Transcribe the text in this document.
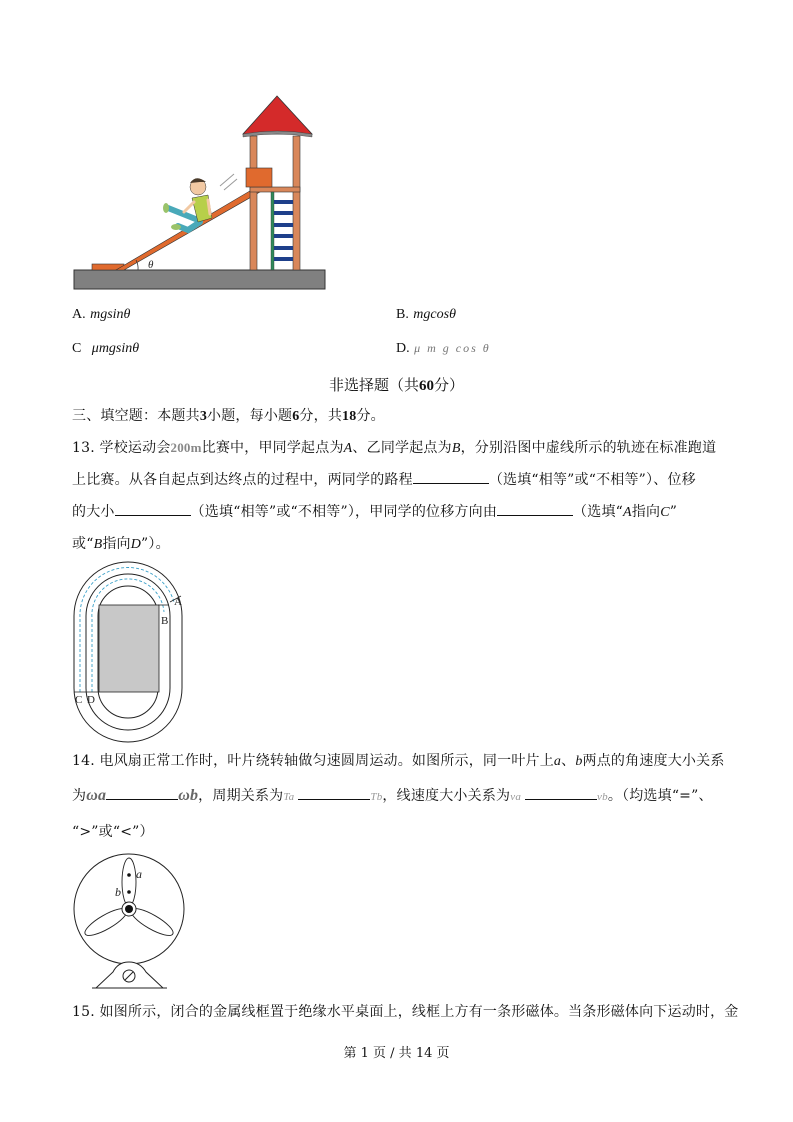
θ
A. mgsinθ	B. mgcosθ
C μmgsinθ	D. μ m g cos θ
非选择题（共60分）
三、填空题：本题共3小题，每小题6分，共18分。
13. 学校运动会200m比赛中，甲同学起点为A、乙同学起点为B，分别沿图中虚线所示的轨迹在标准跑道
上比赛。从各自起点到达终点的过程中，两同学的路程	（选填“相等”或“不相等”）、位移
的大小	（选填“相等”或“不相等”），甲同学的位移方向由	（选填“A指向C”
或“B指向D”）。
A
B
C D
14. 电风扇正常工作时，叶片绕转轴做匀速圆周运动。如图所示，同一叶片上a、b两点的角速度大小关系
为ωa	ωb，周期关系为Ta	Tb，线速度大小关系为va	vb。（均选填“=”、
“>”或“<”）
a
b
15. 如图所示，闭合的金属线框置于绝缘水平桌面上，线框上方有一条形磁体。当条形磁体向下运动时，金
第 1 页 / 共 14 页
